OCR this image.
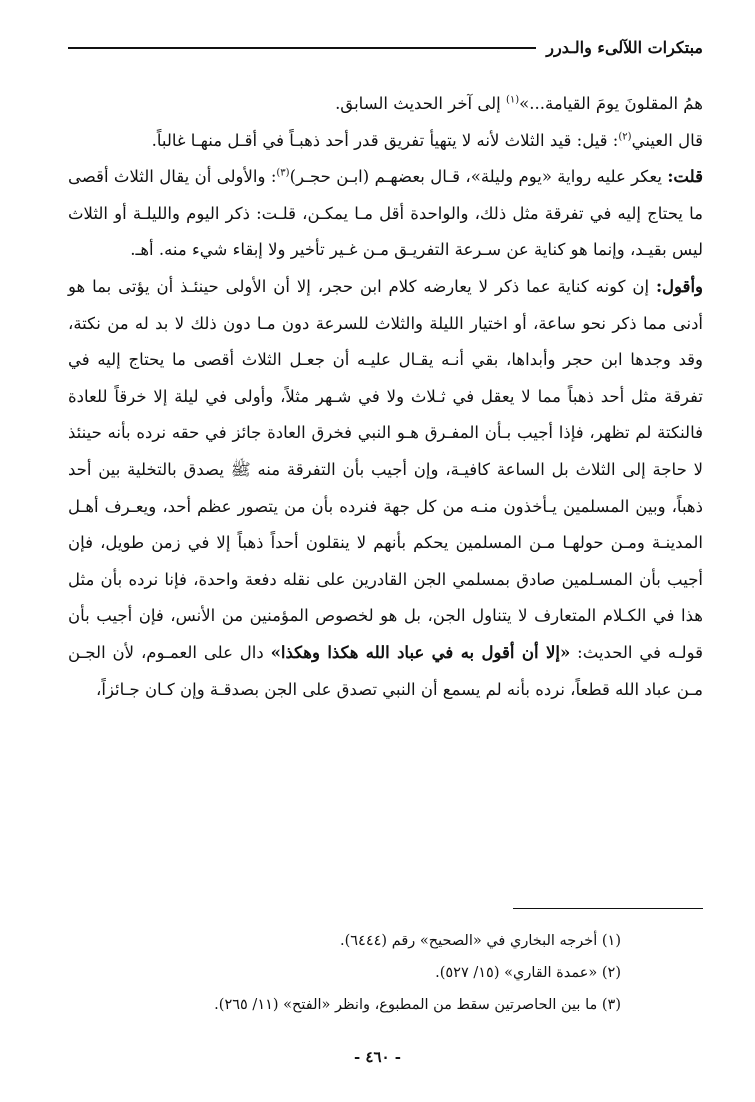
مبتكرات اللآلىء والـدرر

همُ المقلونَ يومَ القيامة...»$^{(١)}$ إلى آخر الحديث السابق.

قال العيني$^{(٢)}$: قيل: قيد الثلاث لأنه لا يتهيأ تفريق قدر أحد ذهبـاً في أقـل منهـا غالباً.

قلت: يعكر عليه رواية «يوم وليلة»، قـال بعضهـم (ابـن حجـر)$^{(٣)}$: والأولى أن يقال الثلاث أقصى ما يحتاج إليه في تفرقة مثل ذلك، والواحدة أقل مـا يمكـن، قلـت: ذكر اليوم والليلـة أو الثلاث ليس بقيـد، وإنما هو كناية عن سـرعة التفريـق مـن غـير تأخير ولا إبقاء شيء منه. أهـ.

وأقول: إن كونه كناية عما ذكر لا يعارضه كلام ابن حجر، إلا أن الأولى حينئـذ أن يؤتى بما هو أدنى مما ذكر نحو ساعة، أو اختيار الليلة والثلاث للسرعة دون مـا دون ذلك لا بد له من نكتة، وقد وجدها ابن حجر وأبداها، بقي أنـه يقـال عليـه أن جعـل الثلاث أقصى ما يحتاج إليه في تفرقة مثل أحد ذهباً مما لا يعقل في ثـلاث ولا في شـهر مثلاً، وأولى في ليلة إلا خرقاً للعادة فالنكتة لم تظهر، فإذا أجيب بـأن المفـرق هـو النبي فخرق العادة جائز في حقه نرده بأنه حينئذ لا حاجة إلى الثلاث بل الساعة كافيـة، وإن أجيب بأن التفرقة منه ﷺ يصدق بالتخلية بين أحد ذهباً، وبين المسلمين يـأخذون منـه من كل جهة فنرده بأن من يتصور عظم أحد، ويعـرف أهـل المدينـة ومـن حولهـا مـن المسلمين يحكم بأنهم لا ينقلون أحداً ذهباً إلا في زمن طويل، فإن أجيب بأن المسـلمين صادق بمسلمي الجن القادرين على نقله دفعة واحدة، فإنا نرده بأن مثل هذا في الكـلام المتعارف لا يتناول الجن، بل هو لخصوص المؤمنين من الأنس، فإن أجيب بأن قولـه في الحديث: «إلا أن أقول به في عباد الله هكذا وهكذا» دال على العمـوم، لأن الجـن مـن عباد الله قطعاً، نرده بأنه لم يسمع أن النبي تصدق على الجن بصدقـة وإن كـان جـائزاً،

(١) أخرجه البخاري في «الصحيح» رقم (٦٤٤٤).
(٢) «عمدة القاري» (١٥/ ٥٢٧).
(٣) ما بين الحاصرتين سقط من المطبوع، وانظر «الفتح» (١١/ ٢٦٥).
- ٤٦٠ -
